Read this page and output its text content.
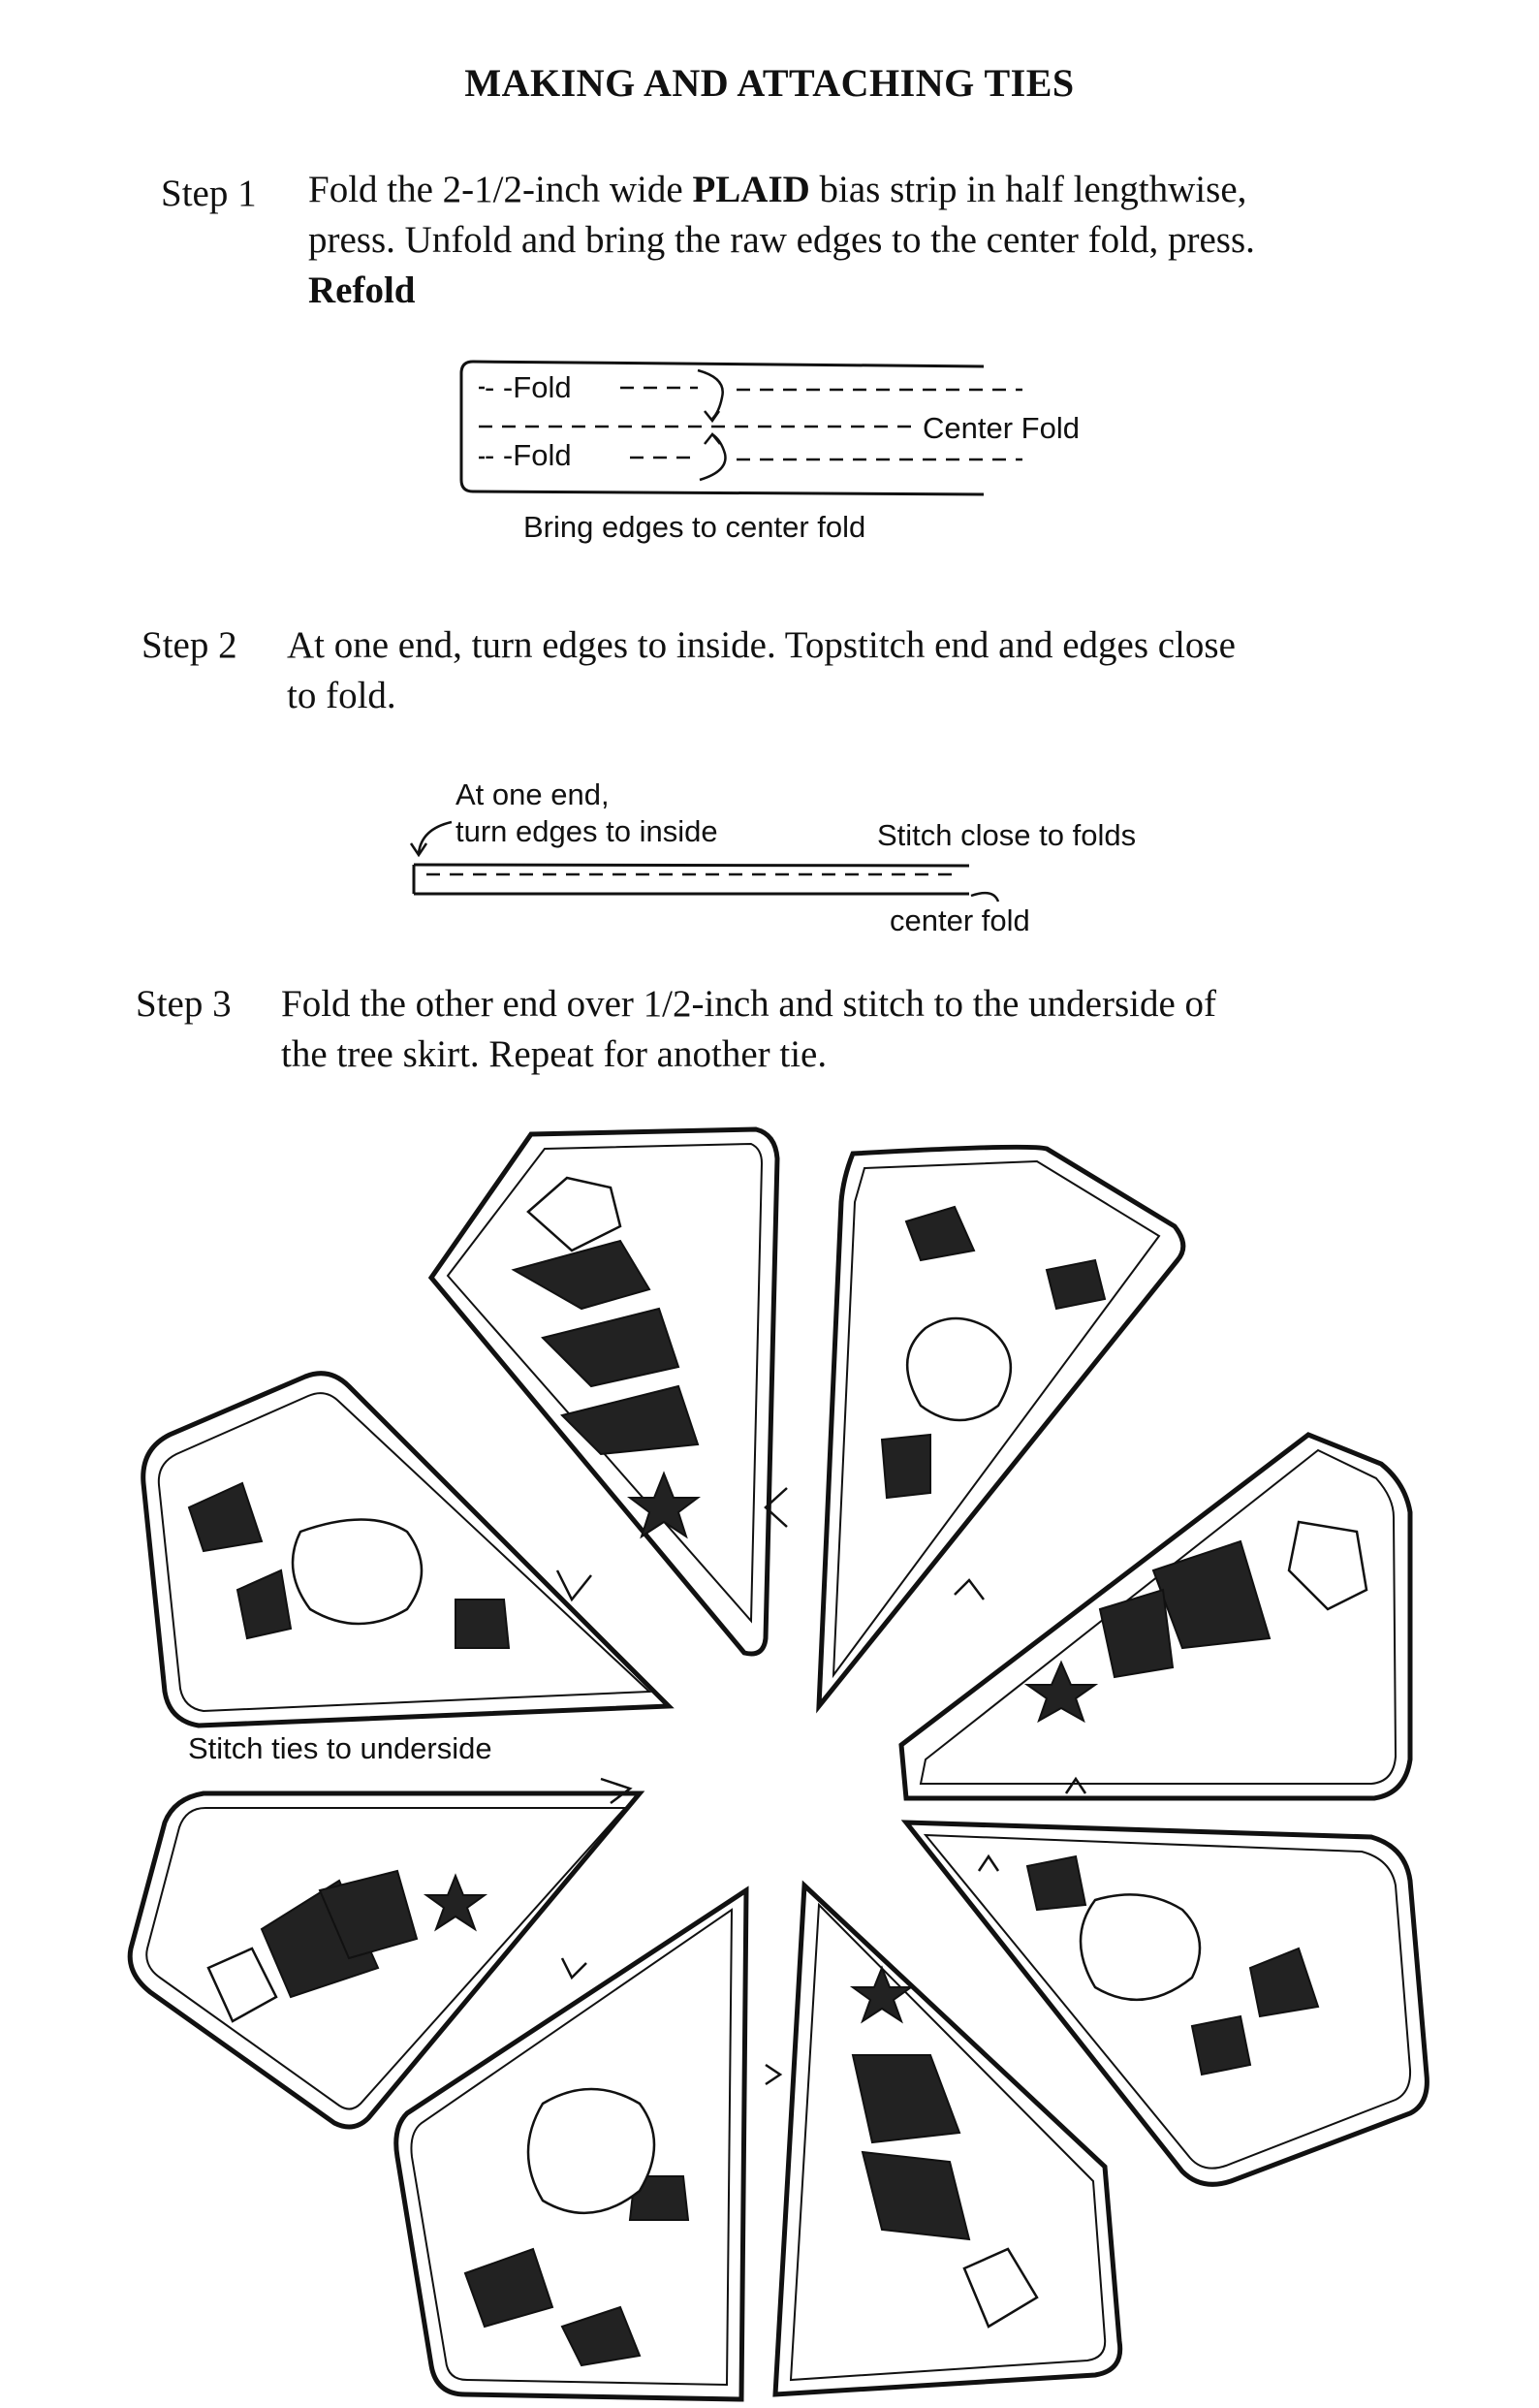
MAKING AND ATTACHING TIES
Step 1 Fold the 2-1/2-inch wide PLAID bias strip in half lengthwise,
press. Unfold and bring the raw edges to the center fold, press.
Refold
- -Fold
- -Fold
Center Fold
Bring edges to center fold
Step 2 At one end, turn edges to inside. Topstitch end and edges close
to fold.
At one end,
turn edges to inside	Stitch close to folds
center fold
Step 3 Fold the other end over 1/2-inch and stitch to the underside of
the tree skirt. Repeat for another tie.
Stitch ties to underside
